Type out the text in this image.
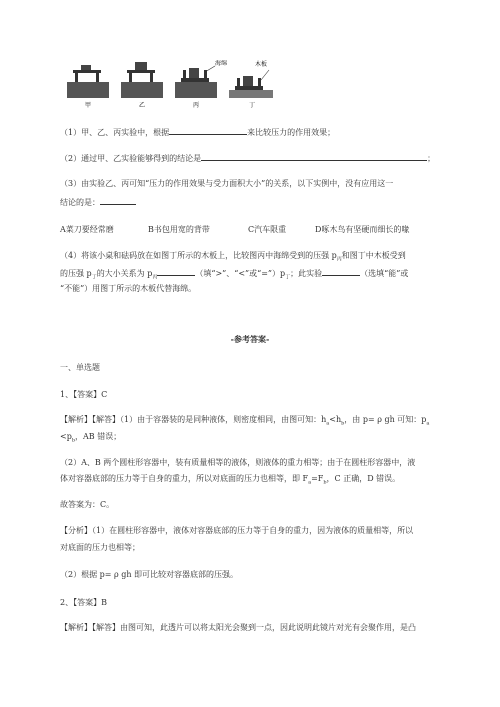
海绵	木板
甲	乙	丙	丁
（1）甲、乙、丙实验中，根据	来比较压力的作用效果；
（2）通过甲、乙实验能够得到的结论是	；
（3）由实验乙、丙可知“压力的作用效果与受力面积大小”的关系，以下实例中，没有应用这一
结论的是：
A菜刀要经常磨	B书包用宽的背带	C汽车限重	D啄木鸟有坚硬而细长的喙
（4）将该小桌和砝码放在如图丁所示的木板上，比较图丙中海绵受到的压强 $p_丙$和图丁中木板受到
的压强 $p_丁$的大小关系为 $p_丙$	（填“>”、“<”或“$=”)p_丁$；此实验	（选填“能”或
“不能”）用图丁所示的木板代替海绵。
-参考答案-
一、单选题
1、【答案】C
【解析】【解答】（1）由于容器装的是同种液体，则密度相同，由图可知：$h_a<h_b$，由 p= ρ gh 可知：$p_a$
$<p_b$，AB 错误；
（2）A、B 两个圆柱形容器中，装有质量相等的液体，则液体的重力相等；由于在圆柱形容器中，液
体对容器底部的压力等于自身的重力，所以对底面的压力也相等，即 $F_a=F_b$，C 正确，D 错误。
故答案为：C。
【分析】（1）在圆柱形容器中，液体对容器底部的压力等于自身的重力，因为液体的质量相等，所以
对底面的压力也相等；
（2）根据 p= ρ gh 即可比较对容器底部的压强。
2、【答案】B
【解析】【解答】由图可知，此透片可以将太阳光会聚到一点，因此说明此镜片对光有会聚作用，是凸
